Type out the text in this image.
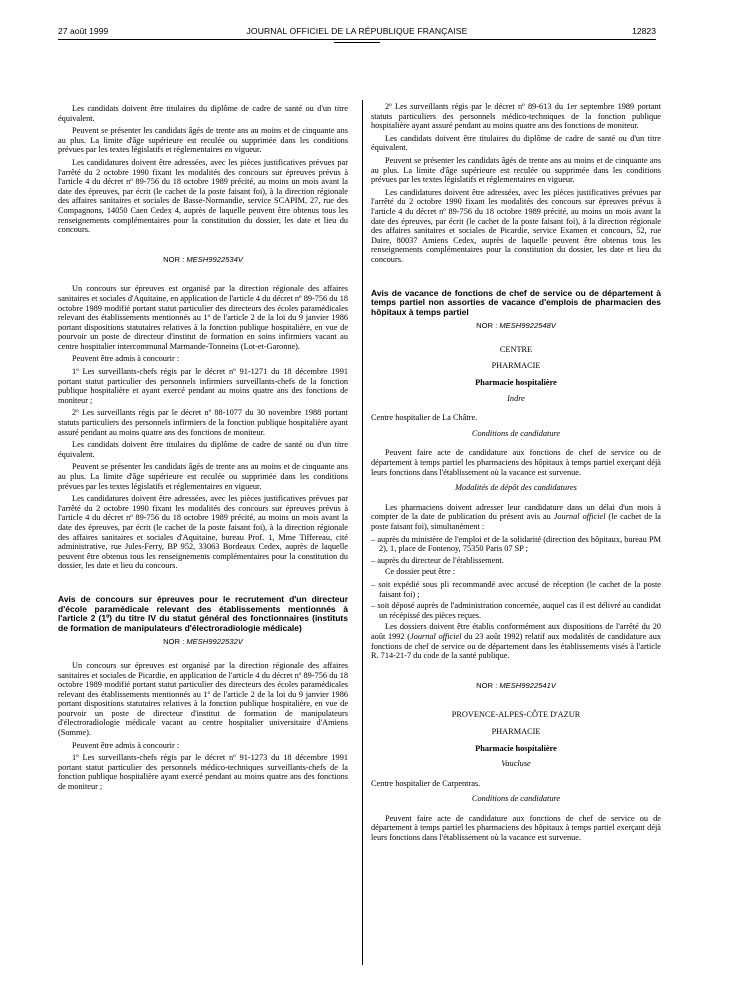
27 août 1999	JOURNAL OFFICIEL DE LA RÉPUBLIQUE FRANÇAISE	12823

Les candidats doivent être titulaires du diplôme de cadre de santé ou d'un titre équivalent.

Peuvent se présenter les candidats âgés de trente ans au moins et de cinquante ans au plus. La limite d'âge supérieure est reculée ou supprimée dans les conditions prévues par les textes législatifs et réglementaires en vigueur.

Les candidatures doivent être adressées, avec les pièces justificatives prévues par l'arrêté du 2 octobre 1990 fixant les modalités des concours sur épreuves prévus à l'article 4 du décret nº 89-756 du 18 octobre 1989 précité, au moins un mois avant la date des épreuves, par écrit (le cachet de la poste faisant foi), à la direction régionale des affaires sanitaires et sociales de Basse-Normandie, service SCAPIM, 27, rue des Compagnons, 14050 Caen Cedex 4, auprès de laquelle peuvent être obtenus tous les renseignements complémentaires pour la constitution du dossier, les date et lieu du concours.

NOR : MESH9922534V

Un concours sur épreuves est organisé par la direction régionale des affaires sanitaires et sociales d'Aquitaine, en application de l'article 4 du décret nº 89-756 du 18 octobre 1989 modifié portant statut particulier des directeurs des écoles paramédicales relevant des établissements mentionnés au 1º de l'article 2 de la loi du 9 janvier 1986 portant dispositions statutaires relatives à la fonction publique hospitalière, en vue de pourvoir un poste de directeur d'institut de formation en soins infirmiers vacant au centre hospitalier intercommunal Marmande-Tonneins (Lot-et-Garonne).

Peuvent être admis à concourir :

1º Les surveillants-chefs régis par le décret nº 91-1271 du 18 décembre 1991 portant statut particulier des personnels infirmiers surveillants-chefs de la fonction publique hospitalière et ayant exercé pendant au moins quatre ans des fonctions de moniteur ;

2º Les surveillants régis par le décret nº 88-1077 du 30 novembre 1988 portant statuts particuliers des personnels infirmiers de la fonction publique hospitalière ayant assuré pendant au moins quatre ans des fonctions de moniteur.

Les candidats doivent être titulaires du diplôme de cadre de santé ou d'un titre équivalent.

Peuvent se présenter les candidats âgés de trente ans au moins et de cinquante ans au plus. La limite d'âge supérieure est reculée ou supprimée dans les conditions prévues par les textes législatifs et réglementaires en vigueur.

Les candidatures doivent être adressées, avec les pièces justificatives prévues par l'arrêté du 2 octobre 1990 fixant les modalités des concours sur épreuves prévus à l'article 4 du décret nº 89-756 du 18 octobre 1989 précité, au moins un mois avant la date des épreuves, par écrit (le cachet de la poste faisant foi), à la direction régionale des affaires sanitaires et sociales d'Aquitaine, bureau Prof. 1, Mme Tiffereau, cité administrative, rue Jules-Ferry, BP 952, 33063 Bordeaux Cedex, auprès de laquelle peuvent être obtenus tous les renseignements complémentaires pour la constitution du dossier, les date et lieu du concours.

Avis de concours sur épreuves pour le recrutement d'un directeur d'école paramédicale relevant des établissements mentionnés à l'article 2 (1º) du titre IV du statut général des fonctionnaires (instituts de formation de manipulateurs d'électroradiologie médicale)
NOR : MESH9922532V

Un concours sur épreuves est organisé par la direction régionale des affaires sanitaires et sociales de Picardie, en application de l'article 4 du décret nº 89-756 du 18 octobre 1989 modifié portant statut particulier des directeurs des écoles paramédicales relevant des établissements mentionnés au 1º de l'article 2 de la loi du 9 janvier 1986 portant dispositions statutaires relatives à la fonction publique hospitalière, en vue de pourvoir un poste de directeur d'institut de formation de manipulateurs d'électroradiologie médicale vacant au centre hospitalier universitaire d'Amiens (Somme).

Peuvent être admis à concourir :

1º Les surveillants-chefs régis par le décret nº 91-1273 du 18 décembre 1991 portant statut particulier des personnels médico-techniques surveillants-chefs de la fonction publique hospitalière ayant exercé pendant au moins quatre ans des fonctions de moniteur ;

2º Les surveillants régis par le décret nº 89-613 du 1er septembre 1989 portant statuts particuliers des personnels médico-techniques de la fonction publique hospitalière ayant assuré pendant au moins quatre ans des fonctions de moniteur.

Les candidats doivent être titulaires du diplôme de cadre de santé ou d'un titre équivalent.

Peuvent se présenter les candidats âgés de trente ans au moins et de cinquante ans au plus. La limite d'âge supérieure est reculée ou supprimée dans les conditions prévues par les textes législatifs et réglementaires en vigueur.

Les candidatures doivent être adressées, avec les pièces justificatives prévues par l'arrêté du 2 octobre 1990 fixant les modalités des concours sur épreuves prévus à l'article 4 du décret nº 89-756 du 18 octobre 1989 précité, au moins un mois avant la date des épreuves, par écrit (le cachet de la poste faisant foi), à la direction régionale des affaires sanitaires et sociales de Picardie, service Examen et concours, 52, rue Daire, 80037 Amiens Cedex, auprès de laquelle peuvent être obtenus tous les renseignements complémentaires pour la constitution du dossier, les date et lieu du concours.

Avis de vacance de fonctions de chef de service ou de département à temps partiel non assorties de vacance d'emplois de pharmacien des hôpitaux à temps partiel
NOR : MESH9922548V

CENTRE

PHARMACIE

Pharmacie hospitalière

Indre

Centre hospitalier de La Châtre.

Conditions de candidature

Peuvent faire acte de candidature aux fonctions de chef de service ou de département à temps partiel les pharmaciens des hôpitaux à temps partiel exerçant déjà leurs fonctions dans l'établissement où la vacance est survenue.

Modalités de dépôt des candidatures

Les pharmaciens doivent adresser leur candidature dans un délai d'un mois à compter de la date de publication du présent avis au Journal officiel (le cachet de la poste faisant foi), simultanément :

– auprès du ministère de l'emploi et de la solidarité (direction des hôpitaux, bureau PM 2), 1, place de Fontenoy, 75350 Paris 07 SP ;

– auprès du directeur de l'établissement.

Ce dossier peut être :

– soit expédié sous pli recommandé avec accusé de réception (le cachet de la poste faisant foi) ;

– soit déposé auprès de l'administration concernée, auquel cas il est délivré au candidat un récépissé des pièces reçues.

Les dossiers doivent être établis conformément aux dispositions de l'arrêté du 20 août 1992 (Journal officiel du 23 août 1992) relatif aux modalités de candidature aux fonctions de chef de service ou de département dans les établissements visés à l'article R. 714-21-7 du code de la santé publique.

NOR : MESH9922541V

PROVENCE-ALPES-CÔTE D'AZUR

PHARMACIE

Pharmacie hospitalière

Vaucluse

Centre hospitalier de Carpentras.

Conditions de candidature

Peuvent faire acte de candidature aux fonctions de chef de service ou de département à temps partiel les pharmaciens des hôpitaux à temps partiel exerçant déjà leurs fonctions dans l'établissement où la vacance est survenue.
